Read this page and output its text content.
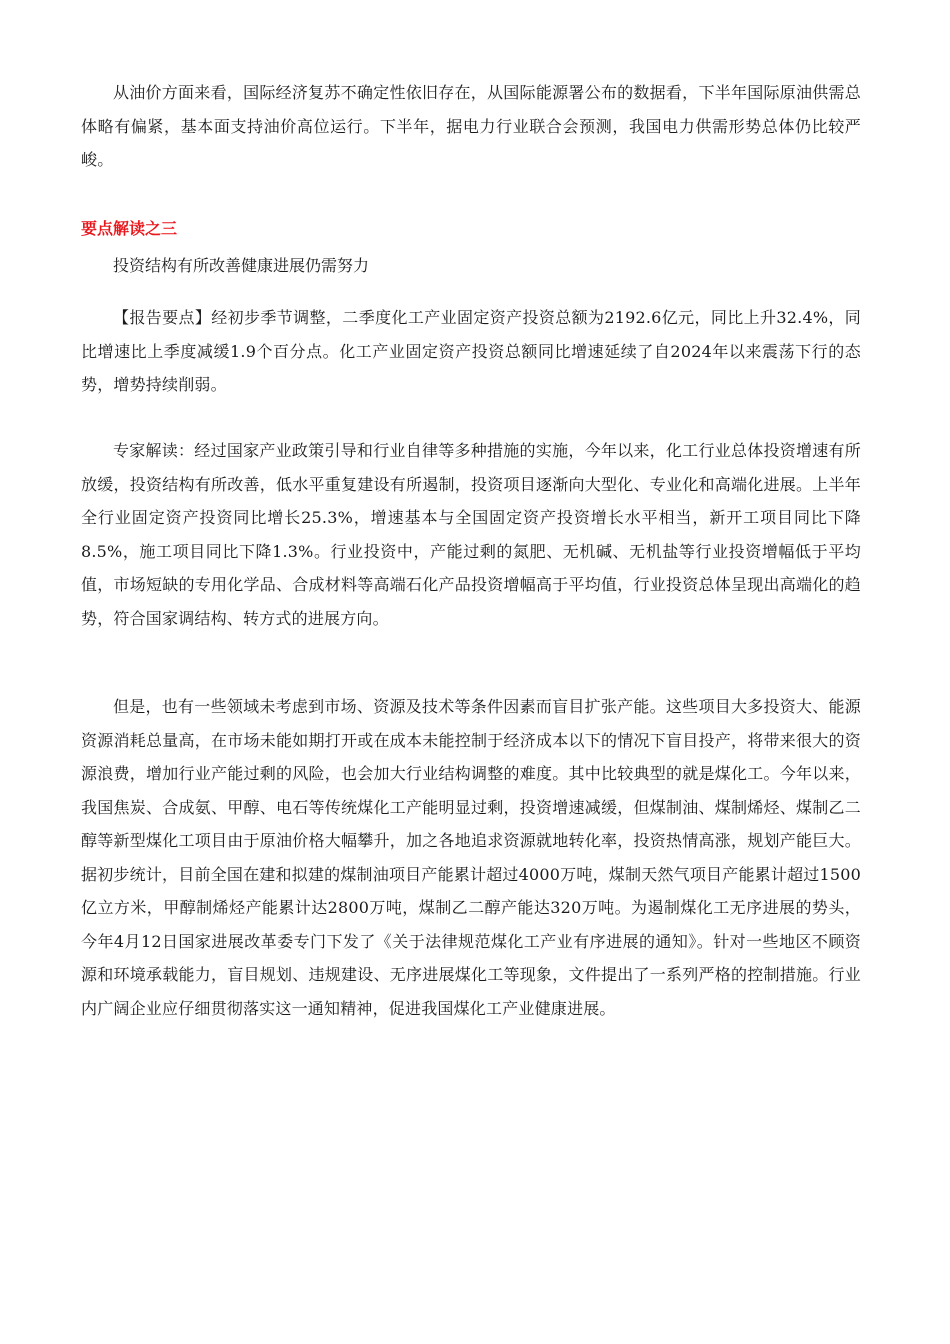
从油价方面来看，国际经济复苏不确定性依旧存在，从国际能源署公布的数据看，下半年国际原油供需总体略有偏紧，基本面支持油价高位运行。下半年，据电力行业联合会预测，我国电力供需形势总体仍比较严峻。

要点解读之三

投资结构有所改善健康进展仍需努力

【报告要点】经初步季节调整，二季度化工产业固定资产投资总额为2192.6亿元，同比上升32.4%，同比增速比上季度减缓1.9个百分点。化工产业固定资产投资总额同比增速延续了自2024年以来震荡下行的态势，增势持续削弱。

专家解读：经过国家产业政策引导和行业自律等多种措施的实施，今年以来，化工行业总体投资增速有所放缓，投资结构有所改善，低水平重复建设有所遏制，投资项目逐渐向大型化、专业化和高端化进展。上半年全行业固定资产投资同比增长25.3%，增速基本与全国固定资产投资增长水平相当，新开工项目同比下降8.5%，施工项目同比下降1.3%。行业投资中，产能过剩的氮肥、无机碱、无机盐等行业投资增幅低于平均值，市场短缺的专用化学品、合成材料等高端石化产品投资增幅高于平均值，行业投资总体呈现出高端化的趋势，符合国家调结构、转方式的进展方向。

但是，也有一些领域未考虑到市场、资源及技术等条件因素而盲目扩张产能。这些项目大多投资大、能源资源消耗总量高，在市场未能如期打开或在成本未能控制于经济成本以下的情况下盲目投产，将带来很大的资源浪费，增加行业产能过剩的风险，也会加大行业结构调整的难度。其中比较典型的就是煤化工。今年以来，我国焦炭、合成氨、甲醇、电石等传统煤化工产能明显过剩，投资增速减缓，但煤制油、煤制烯烃、煤制乙二醇等新型煤化工项目由于原油价格大幅攀升，加之各地追求资源就地转化率，投资热情高涨，规划产能巨大。据初步统计，目前全国在建和拟建的煤制油项目产能累计超过4000万吨，煤制天然气项目产能累计超过1500亿立方米，甲醇制烯烃产能累计达2800万吨，煤制乙二醇产能达320万吨。为遏制煤化工无序进展的势头，今年4月12日国家进展改革委专门下发了《关于法律规范煤化工产业有序进展的通知》。针对一些地区不顾资源和环境承载能力，盲目规划、违规建设、无序进展煤化工等现象，文件提出了一系列严格的控制措施。行业内广阔企业应仔细贯彻落实这一通知精神，促进我国煤化工产业健康进展。
